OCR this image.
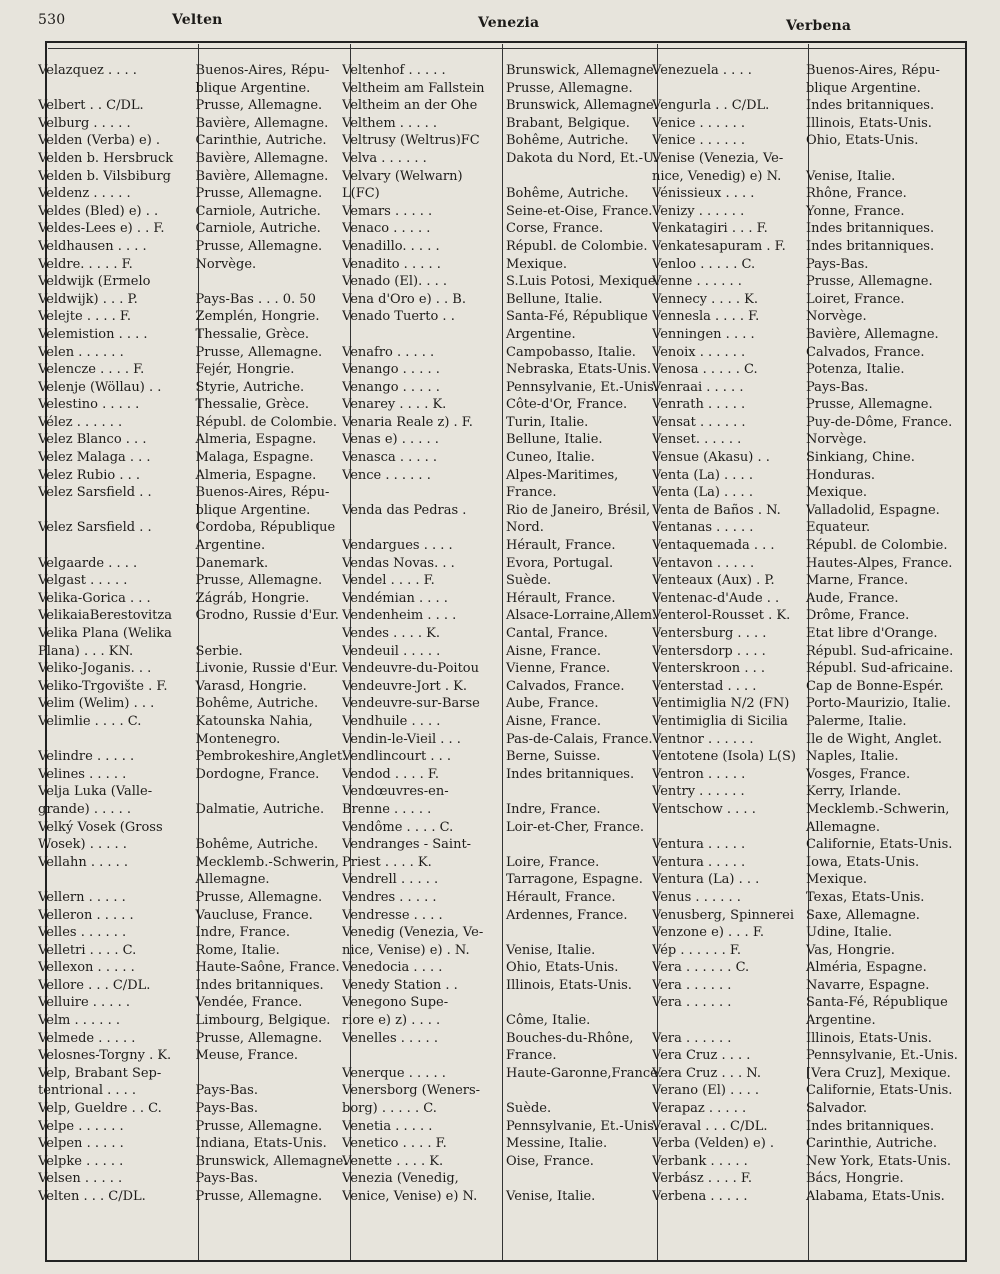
530	Velten	Venezia	Verbena
Velazquez . . . .	Buenos-Aires, Répu-
blique Argentine.
Velbert . . C/DL.	Prusse, Allemagne.
Velburg . . . . .	Bavière, Allemagne.
Velden (Verba) e) .	Carinthie, Autriche.
Velden b. Hersbruck	Bavière, Allemagne.
Velden b. Vilsbiburg	Bavière, Allemagne.
Veldenz . . . . .	Prusse, Allemagne.
Veldes (Bled) e) . .	Carniole, Autriche.
Veldes-Lees e) . . F.	Carniole, Autriche.
Veldhausen . . . .	Prusse, Allemagne.
Veldre. . . . . F.	Norvège.
Veldwijk (Ermelo
Veldwijk) . . . P.	Pays-Bas . . . 0. 50
Velejte . . . . F.	Zemplén, Hongrie.
Velemistion . . . .	Thessalie, Grèce.
Velen . . . . . .	Prusse, Allemagne.
Velencze . . . . F.	Fejér, Hongrie.
Velenje (Wöllau) . .	Styrie, Autriche.
Velestino . . . . .	Thessalie, Grèce.
Vélez . . . . . .	Républ. de Colombie.
Velez Blanco . . .	Almeria, Espagne.
Velez Malaga . . .	Malaga, Espagne.
Velez Rubio . . .	Almeria, Espagne.
Velez Sarsfield . .	Buenos-Aires, Répu-
blique Argentine.
Velez Sarsfield . .	Cordoba, République
Argentine.
Velgaarde . . . .	Danemark.
Velgast . . . . .	Prusse, Allemagne.
Velika-Gorica . . .	Zágráb, Hongrie.
VelikaiaBerestovitza	Grodno, Russie d'Eur.
Velika Plana (Welika
Plana) . . . KN.	Serbie.
Veliko-Joganis. . .	Livonie, Russie d'Eur.
Veliko-Trgovište . F.	Varasd, Hongrie.
Velim (Welim) . . .	Bohême, Autriche.
Velimlie . . . . C.	Katounska Nahia,
Montenegro.
Velindre . . . . .	Pembrokeshire,Anglet.
Velines . . . . .	Dordogne, France.
Velja Luka (Valle-
grande) . . . . .	Dalmatie, Autriche.
Velký Vosek (Gross
Wosek) . . . . .	Bohême, Autriche.
Vellahn . . . . .	Mecklemb.-Schwerin,
Allemagne.
Vellern . . . . .	Prusse, Allemagne.
Velleron . . . . .	Vaucluse, France.
Velles . . . . . .	Indre, France.
Velletri . . . . C.	Rome, Italie.
Vellexon . . . . .	Haute-Saône, France.
Vellore . . . C/DL.	Indes britanniques.
Velluire . . . . .	Vendée, France.
Velm . . . . . .	Limbourg, Belgique.
Velmede . . . . .	Prusse, Allemagne.
Velosnes-Torgny . K.	Meuse, France.
Velp, Brabant Sep-
tentrional . . . .	Pays-Bas.
Velp, Gueldre . . C.	Pays-Bas.
Velpe . . . . . .	Prusse, Allemagne.
Velpen . . . . .	Indiana, Etats-Unis.
Velpke . . . . .	Brunswick, Allemagne.
Velsen . . . . .	Pays-Bas.
Velten . . . C/DL.	Prusse, Allemagne.
Veltenhof . . . . .	Brunswick, Allemagne.
Veltheim am Fallstein	Prusse, Allemagne.
Veltheim an der Ohe	Brunswick, Allemagne.
Velthem . . . . .	Brabant, Belgique.
Veltrusy (Weltrus)FC	Bohême, Autriche.
Velva . . . . . .	Dakota du Nord, Et.-U.
Velvary (Welwarn)
L(FC)	Bohême, Autriche.
Vemars . . . . .	Seine-et-Oise, France.
Venaco . . . . .	Corse, France.
Venadillo. . . . .	Républ. de Colombie.
Venadito . . . . .	Mexique.
Venado (El). . . .	S.Luis Potosi, Mexique.
Vena d'Oro e) . . B.	Bellune, Italie.
Venado Tuerto . .	Santa-Fé, République
Argentine.
Venafro . . . . .	Campobasso, Italie.
Venango . . . . .	Nebraska, Etats-Unis.
Venango . . . . .	Pennsylvanie, Et.-Unis.
Venarey . . . . K.	Côte-d'Or, France.
Venaria Reale z) . F.	Turin, Italie.
Venas e) . . . . .	Bellune, Italie.
Venasca . . . . .	Cuneo, Italie.
Vence . . . . . .	Alpes-Maritimes,
France.
Venda das Pedras .	Rio de Janeiro, Brésil,
Nord.
Vendargues . . . .	Hérault, France.
Vendas Novas. . .	Evora, Portugal.
Vendel . . . . F.	Suède.
Vendémian . . . .	Hérault, France.
Vendenheim . . . .	Alsace-Lorraine,Allem.
Vendes . . . . K.	Cantal, France.
Vendeuil . . . . .	Aisne, France.
Vendeuvre-du-Poitou	Vienne, France.
Vendeuvre-Jort . K.	Calvados, France.
Vendeuvre-sur-Barse	Aube, France.
Vendhuile . . . .	Aisne, France.
Vendin-le-Vieil . . .	Pas-de-Calais, France.
Vendlincourt . . .	Berne, Suisse.
Vendod . . . . F.	Indes britanniques.
Vendœuvres-en-
Brenne . . . . .	Indre, France.
Vendôme . . . . C.	Loir-et-Cher, France.
Vendranges - Saint-
Priest . . . . K.	Loire, France.
Vendrell . . . . .	Tarragone, Espagne.
Vendres . . . . .	Hérault, France.
Vendresse . . . .	Ardennes, France.
Venedig (Venezia, Ve-
nice, Venise) e) . N.	Venise, Italie.
Venedocia . . . .	Ohio, Etats-Unis.
Venedy Station . .	Illinois, Etats-Unis.
Venegono Supe-
riore e) z) . . . .	Côme, Italie.
Venelles . . . . .	Bouches-du-Rhône,
France.
Venerque . . . . .	Haute-Garonne,France.
Venersborg (Weners-
borg) . . . . . C.	Suède.
Venetia . . . . .	Pennsylvanie, Et.-Unis.
Venetico . . . . F.	Messine, Italie.
Venette . . . . K.	Oise, France.
Venezia (Venedig,
Venice, Venise) e) N.	Venise, Italie.
Venezuela . . . .	Buenos-Aires, Répu-
blique Argentine.
Vengurla . . C/DL.	Indes britanniques.
Venice . . . . . .	Illinois, Etats-Unis.
Venice . . . . . .	Ohio, Etats-Unis.
Venise (Venezia, Ve-
nice, Venedig) e) N.	Venise, Italie.
Vénissieux . . . .	Rhône, France.
Venizy . . . . . .	Yonne, France.
Venkatagiri . . . F.	Indes britanniques.
Venkatesapuram . F.	Indes britanniques.
Venloo . . . . . C.	Pays-Bas.
Venne . . . . . .	Prusse, Allemagne.
Vennecy . . . . K.	Loiret, France.
Vennesla . . . . F.	Norvège.
Venningen . . . .	Bavière, Allemagne.
Venoix . . . . . .	Calvados, France.
Venosa . . . . . C.	Potenza, Italie.
Venraai . . . . .	Pays-Bas.
Venrath . . . . .	Prusse, Allemagne.
Vensat . . . . . .	Puy-de-Dôme, France.
Venset. . . . . .	Norvège.
Vensue (Akasu) . .	Sinkiang, Chine.
Venta (La) . . . .	Honduras.
Venta (La) . . . .	Mexique.
Venta de Baños . N.	Valladolid, Espagne.
Ventanas . . . . .	Equateur.
Ventaquemada . . .	Républ. de Colombie.
Ventavon . . . . .	Hautes-Alpes, France.
Venteaux (Aux) . P.	Marne, France.
Ventenac-d'Aude . .	Aude, France.
Venterol-Rousset . K.	Drôme, France.
Ventersburg . . . .	Etat libre d'Orange.
Ventersdorp . . . .	Républ. Sud-africaine.
Venterskroon . . .	Républ. Sud-africaine.
Venterstad . . . .	Cap de Bonne-Espér.
Ventimiglia N/2 (FN)	Porto-Maurizio, Italie.
Ventimiglia di Sicilia	Palerme, Italie.
Ventnor . . . . . .	Ile de Wight, Anglet.
Ventotene (Isola) L(S) Naples, Italie.
Ventron . . . . .	Vosges, France.
Ventry . . . . . .	Kerry, Irlande.
Ventschow . . . .	Mecklemb.-Schwerin,
Allemagne.
Ventura . . . . .	Californie, Etats-Unis.
Ventura . . . . .	Iowa, Etats-Unis.
Ventura (La) . . .	Mexique.
Venus . . . . . .	Texas, Etats-Unis.
Venusberg, Spinnerei Saxe, Allemagne.
Venzone e) . . . F.	Udine, Italie.
Vép . . . . . . F.	Vas, Hongrie.
Vera . . . . . . C.	Alméria, Espagne.
Vera . . . . . .	Navarre, Espagne.
Vera . . . . . .	Santa-Fé, République
Argentine.
Vera . . . . . .	Illinois, Etats-Unis.
Vera Cruz . . . .	Pennsylvanie, Et.-Unis.
Vera Cruz . . . N.	[Vera Cruz], Mexique.
Verano (El) . . . .	Californie, Etats-Unis.
Verapaz . . . . .	Salvador.
Veraval . . . C/DL.	Indes britanniques.
Verba (Velden) e) .	Carinthie, Autriche.
Verbank . . . . .	New York, Etats-Unis.
Verbász . . . . F.	Bács, Hongrie.
Verbena . . . . .	Alabama, Etats-Unis.
